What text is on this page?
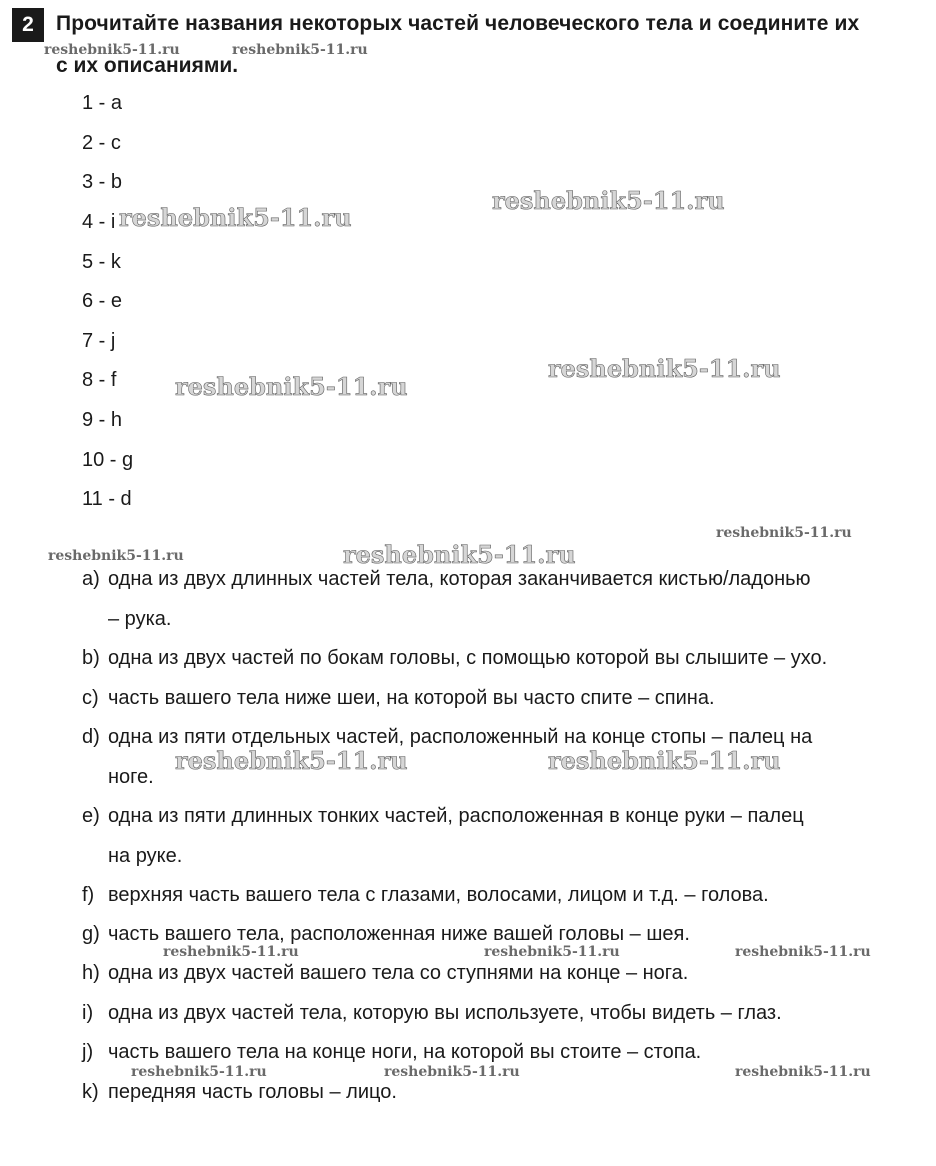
2	Прочитайте названия некоторых частей человеческого тела и соедините их
с их описаниями.
1 - a
2 - c
3 - b
4 - i
5 - k
6 - e
7 - j
8 - f
9 - h
10 - g
11 - d
a) одна из двух длинных частей тела, которая заканчивается кистью/ладонью
– рука.
b) одна из двух частей по бокам головы, с помощью которой вы слышите – ухо.
c) часть вашего тела ниже шеи, на которой вы часто спите – спина.
d) одна из пяти отдельных частей, расположенный на конце стопы – палец на
ноге.
e) одна из пяти длинных тонких частей, расположенная в конце руки – палец
на руке.
f) верхняя часть вашего тела с глазами, волосами, лицом и т.д. – голова.
g) часть вашего тела, расположенная ниже вашей головы – шея.
h) одна из двух частей вашего тела со ступнями на конце – нога.
i) одна из двух частей тела, которую вы используете, чтобы видеть – глаз.
j) часть вашего тела на конце ноги, на которой вы стоите – стопа.
k) передняя часть головы – лицо.
reshebnik5-11.ru	reshebnik5-11.ru
reshebnik5-11.ru
reshebnik5-11.ru
reshebnik5-11.ru
reshebnik5-11.ru
reshebnik5-11.ru
reshebnik5-11.ru	reshebnik5-11.ru
reshebnik5-11.ru	reshebnik5-11.ru
reshebnik5-11.ru	reshebnik5-11.ru	reshebnik5-11.ru
reshebnik5-11.ru	reshebnik5-11.ru	reshebnik5-11.ru
